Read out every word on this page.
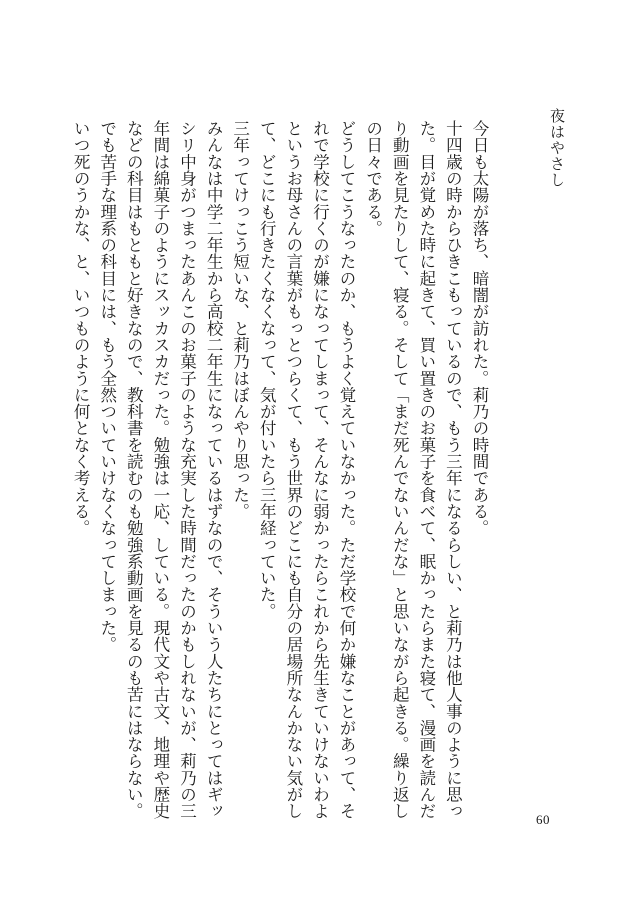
夜はやさし

今日も太陽が落ち、暗闇が訪れた。莉乃の時間である。

十四歳の時からひきこもっているので、もう三年になるらしい、と莉乃は他人事のように思った。目が覚めた時に起きて、買い置きのお菓子を食べて、眠かったらまた寝て、漫画を読んだり動画を見たりして、寝る。そして「まだ死んでないんだな」と思いながら起きる。繰り返しの日々である。

どうしてこうなったのか、もうよく覚えていなかった。ただ学校で何か嫌なことがあって、それで学校に行くのが嫌になってしまって、そんなに弱かったらこれから先生きていけないわよというお母さんの言葉がもっとつらくて、もう世界のどこにも自分の居場所なんかない気がして、どこにも行きたくなくなって、気が付いたら三年経っていた。

三年ってけっこう短いな、と莉乃はぼんやり思った。

みんなは中学二年生から高校二年生になっているはずなので、そういう人たちにとってはギッシリ中身がつまったあんこのお菓子のような充実した時間だったのかもしれないが、莉乃の三年間は綿菓子のようにスッカスカだった。勉強は一応、している。現代文や古文、地理や歴史などの科目はもともと好きなので、教科書を読むのも勉強系動画を見るのも苦にはならない。でも苦手な理系の科目には、もう全然ついていけなくなってしまった。

いつ死のうかな、と、いつものように何となく考える。

60
